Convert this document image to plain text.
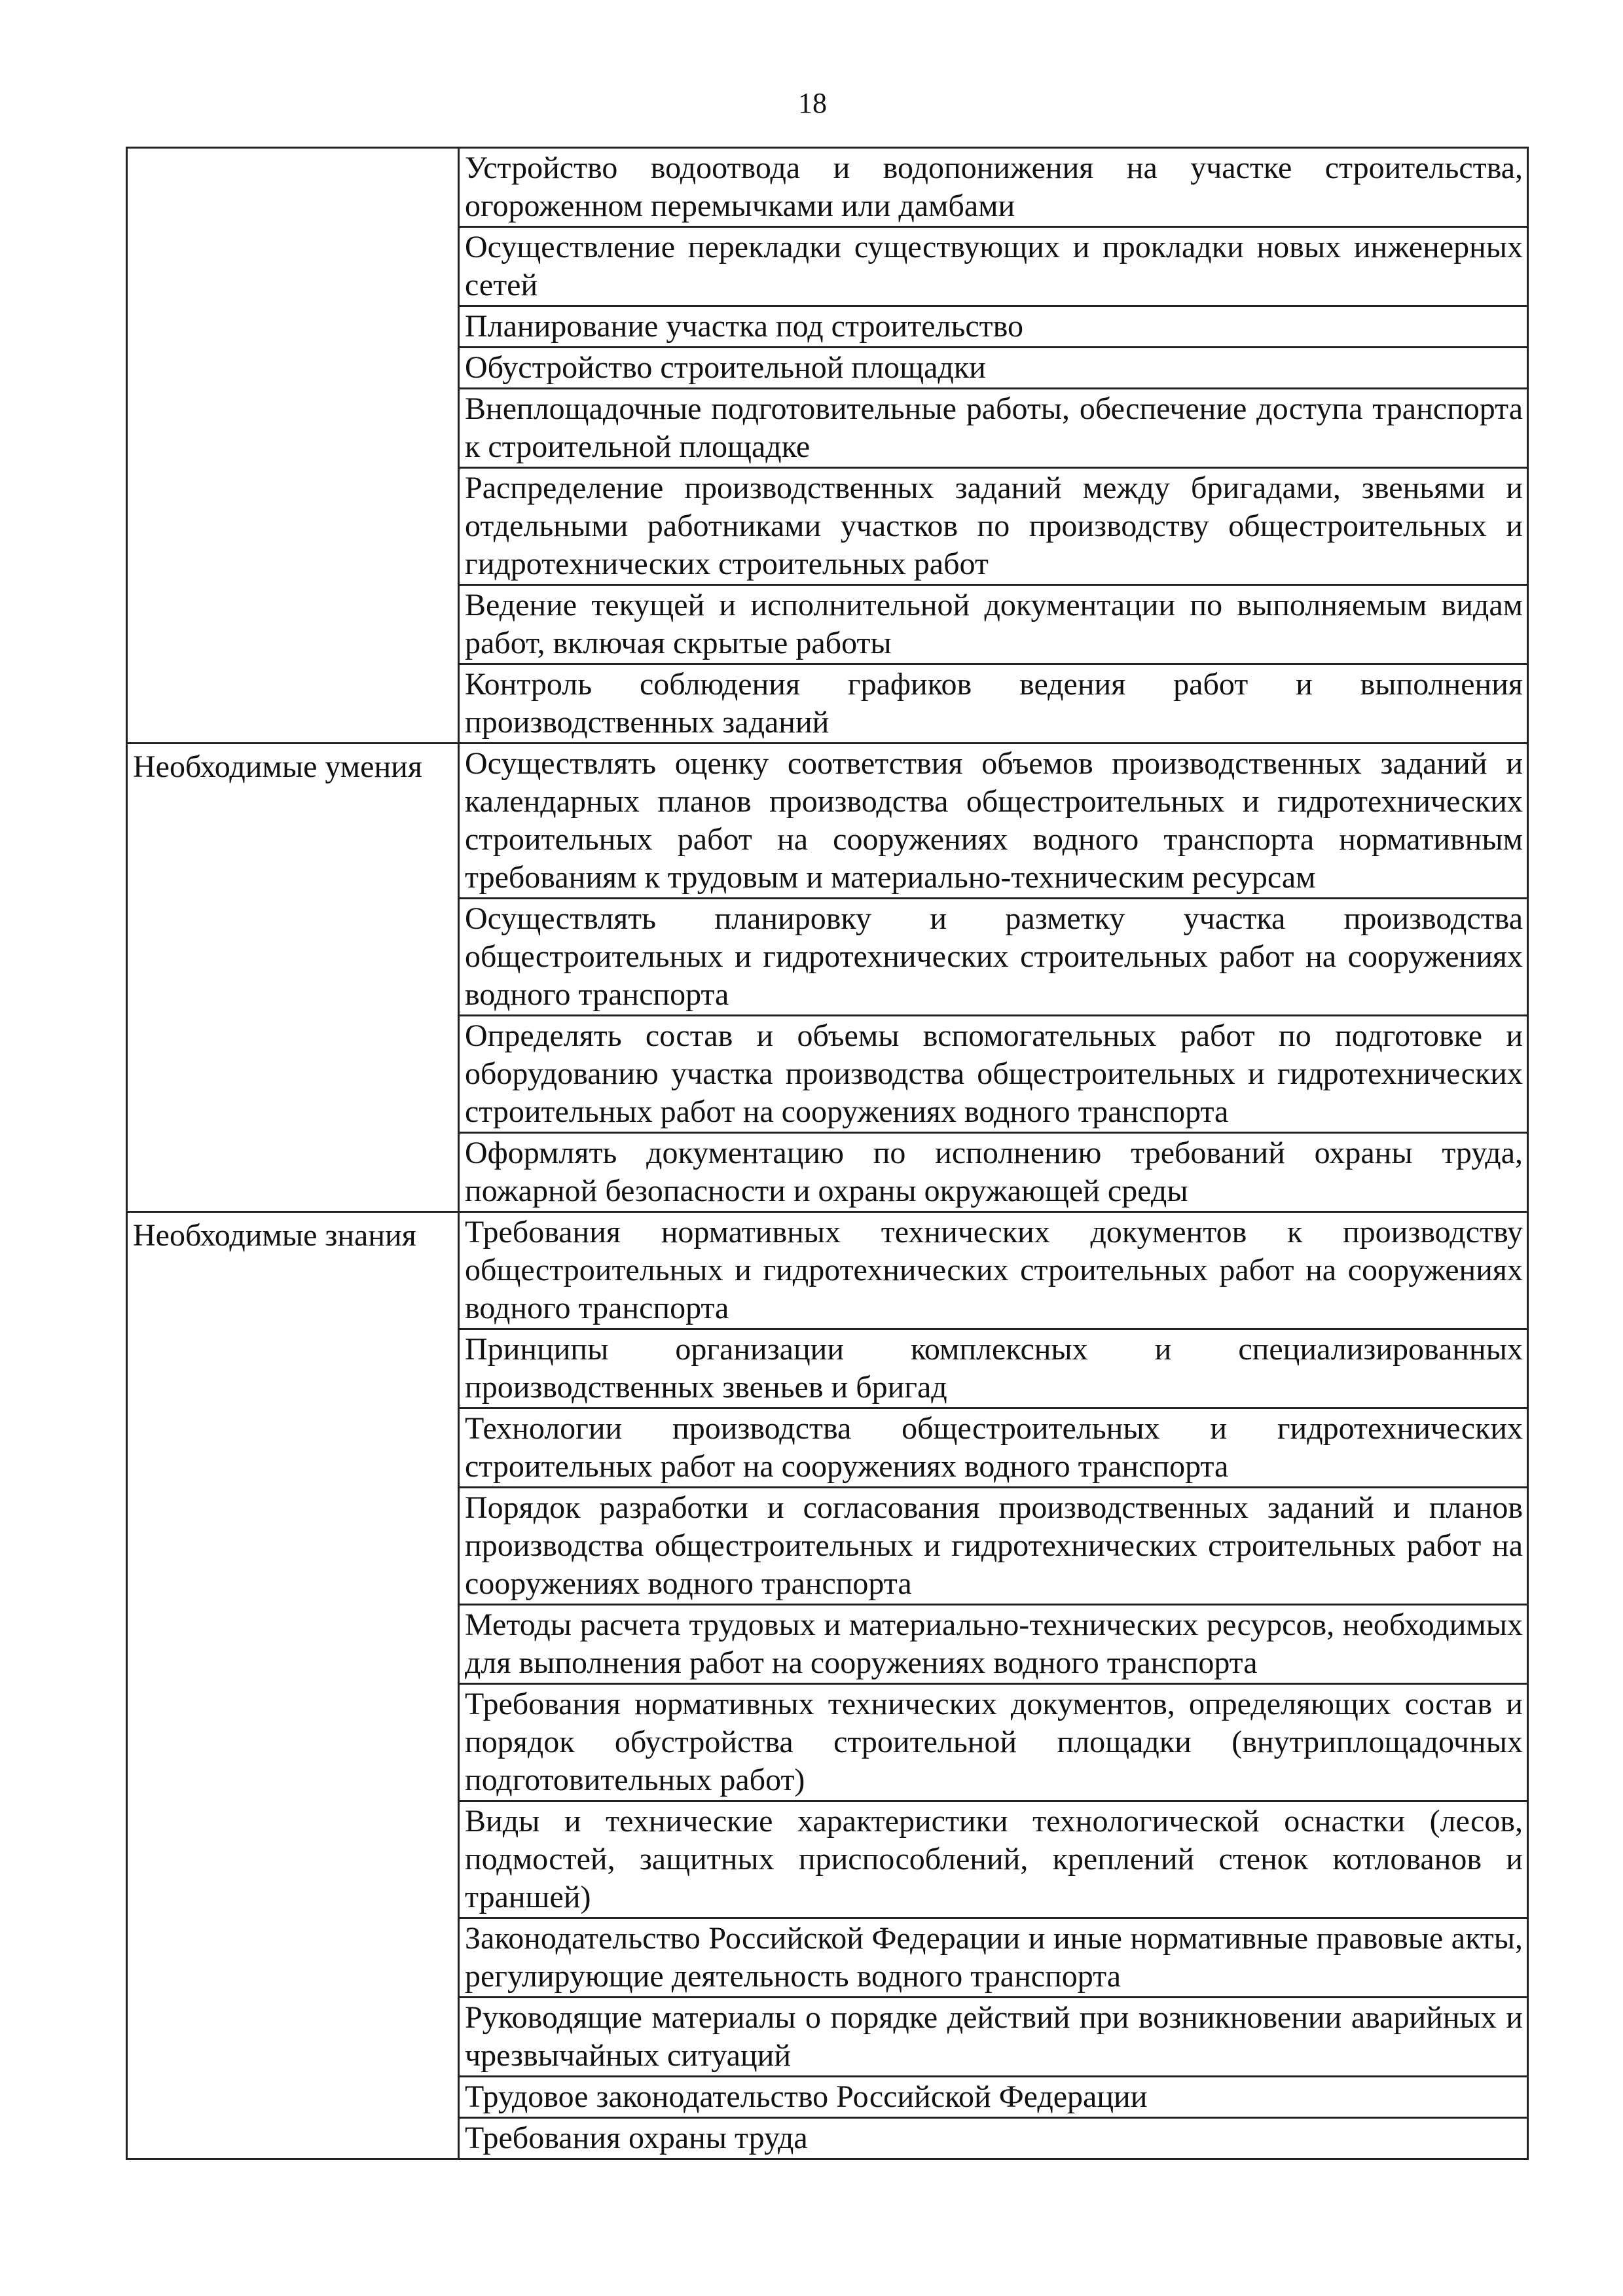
18
Устройство водоотвода и водопонижения на участке строительства, огороженном перемычками или дамбами
Осуществление перекладки существующих и прокладки новых инженерных сетей
Планирование участка под строительство
Обустройство строительной площадки
Внеплощадочные подготовительные работы, обеспечение доступа транспорта к строительной площадке
Распределение производственных заданий между бригадами, звеньями и отдельными работниками участков по производству общестроительных и гидротехнических строительных работ
Ведение текущей и исполнительной документации по выполняемым видам работ, включая скрытые работы
Контроль соблюдения графиков ведения работ и выполнения производственных заданий
Необходимые умения	Осуществлять оценку соответствия объемов производственных заданий и календарных планов производства общестроительных и гидротехнических строительных работ на сооружениях водного транспорта нормативным требованиям к трудовым и материально-техническим ресурсам
Осуществлять планировку и разметку участка производства общестроительных и гидротехнических строительных работ на сооружениях водного транспорта
Определять состав и объемы вспомогательных работ по подготовке и оборудованию участка производства общестроительных и гидротехнических строительных работ на сооружениях водного транспорта
Оформлять документацию по исполнению требований охраны труда, пожарной безопасности и охраны окружающей среды
Необходимые знания	Требования нормативных технических документов к производству общестроительных и гидротехнических строительных работ на сооружениях водного транспорта
Принципы организации комплексных и специализированных производственных звеньев и бригад
Технологии производства общестроительных и гидротехнических строительных работ на сооружениях водного транспорта
Порядок разработки и согласования производственных заданий и планов производства общестроительных и гидротехнических строительных работ на сооружениях водного транспорта
Методы расчета трудовых и материально-технических ресурсов, необходимых для выполнения работ на сооружениях водного транспорта
Требования нормативных технических документов, определяющих состав и порядок обустройства строительной площадки (внутриплощадочных подготовительных работ)
Виды и технические характеристики технологической оснастки (лесов, подмостей, защитных приспособлений, креплений стенок котлованов и траншей)
Законодательство Российской Федерации и иные нормативные правовые акты, регулирующие деятельность водного транспорта
Руководящие материалы о порядке действий при возникновении аварийных и чрезвычайных ситуаций
Трудовое законодательство Российской Федерации
Требования охраны труда
